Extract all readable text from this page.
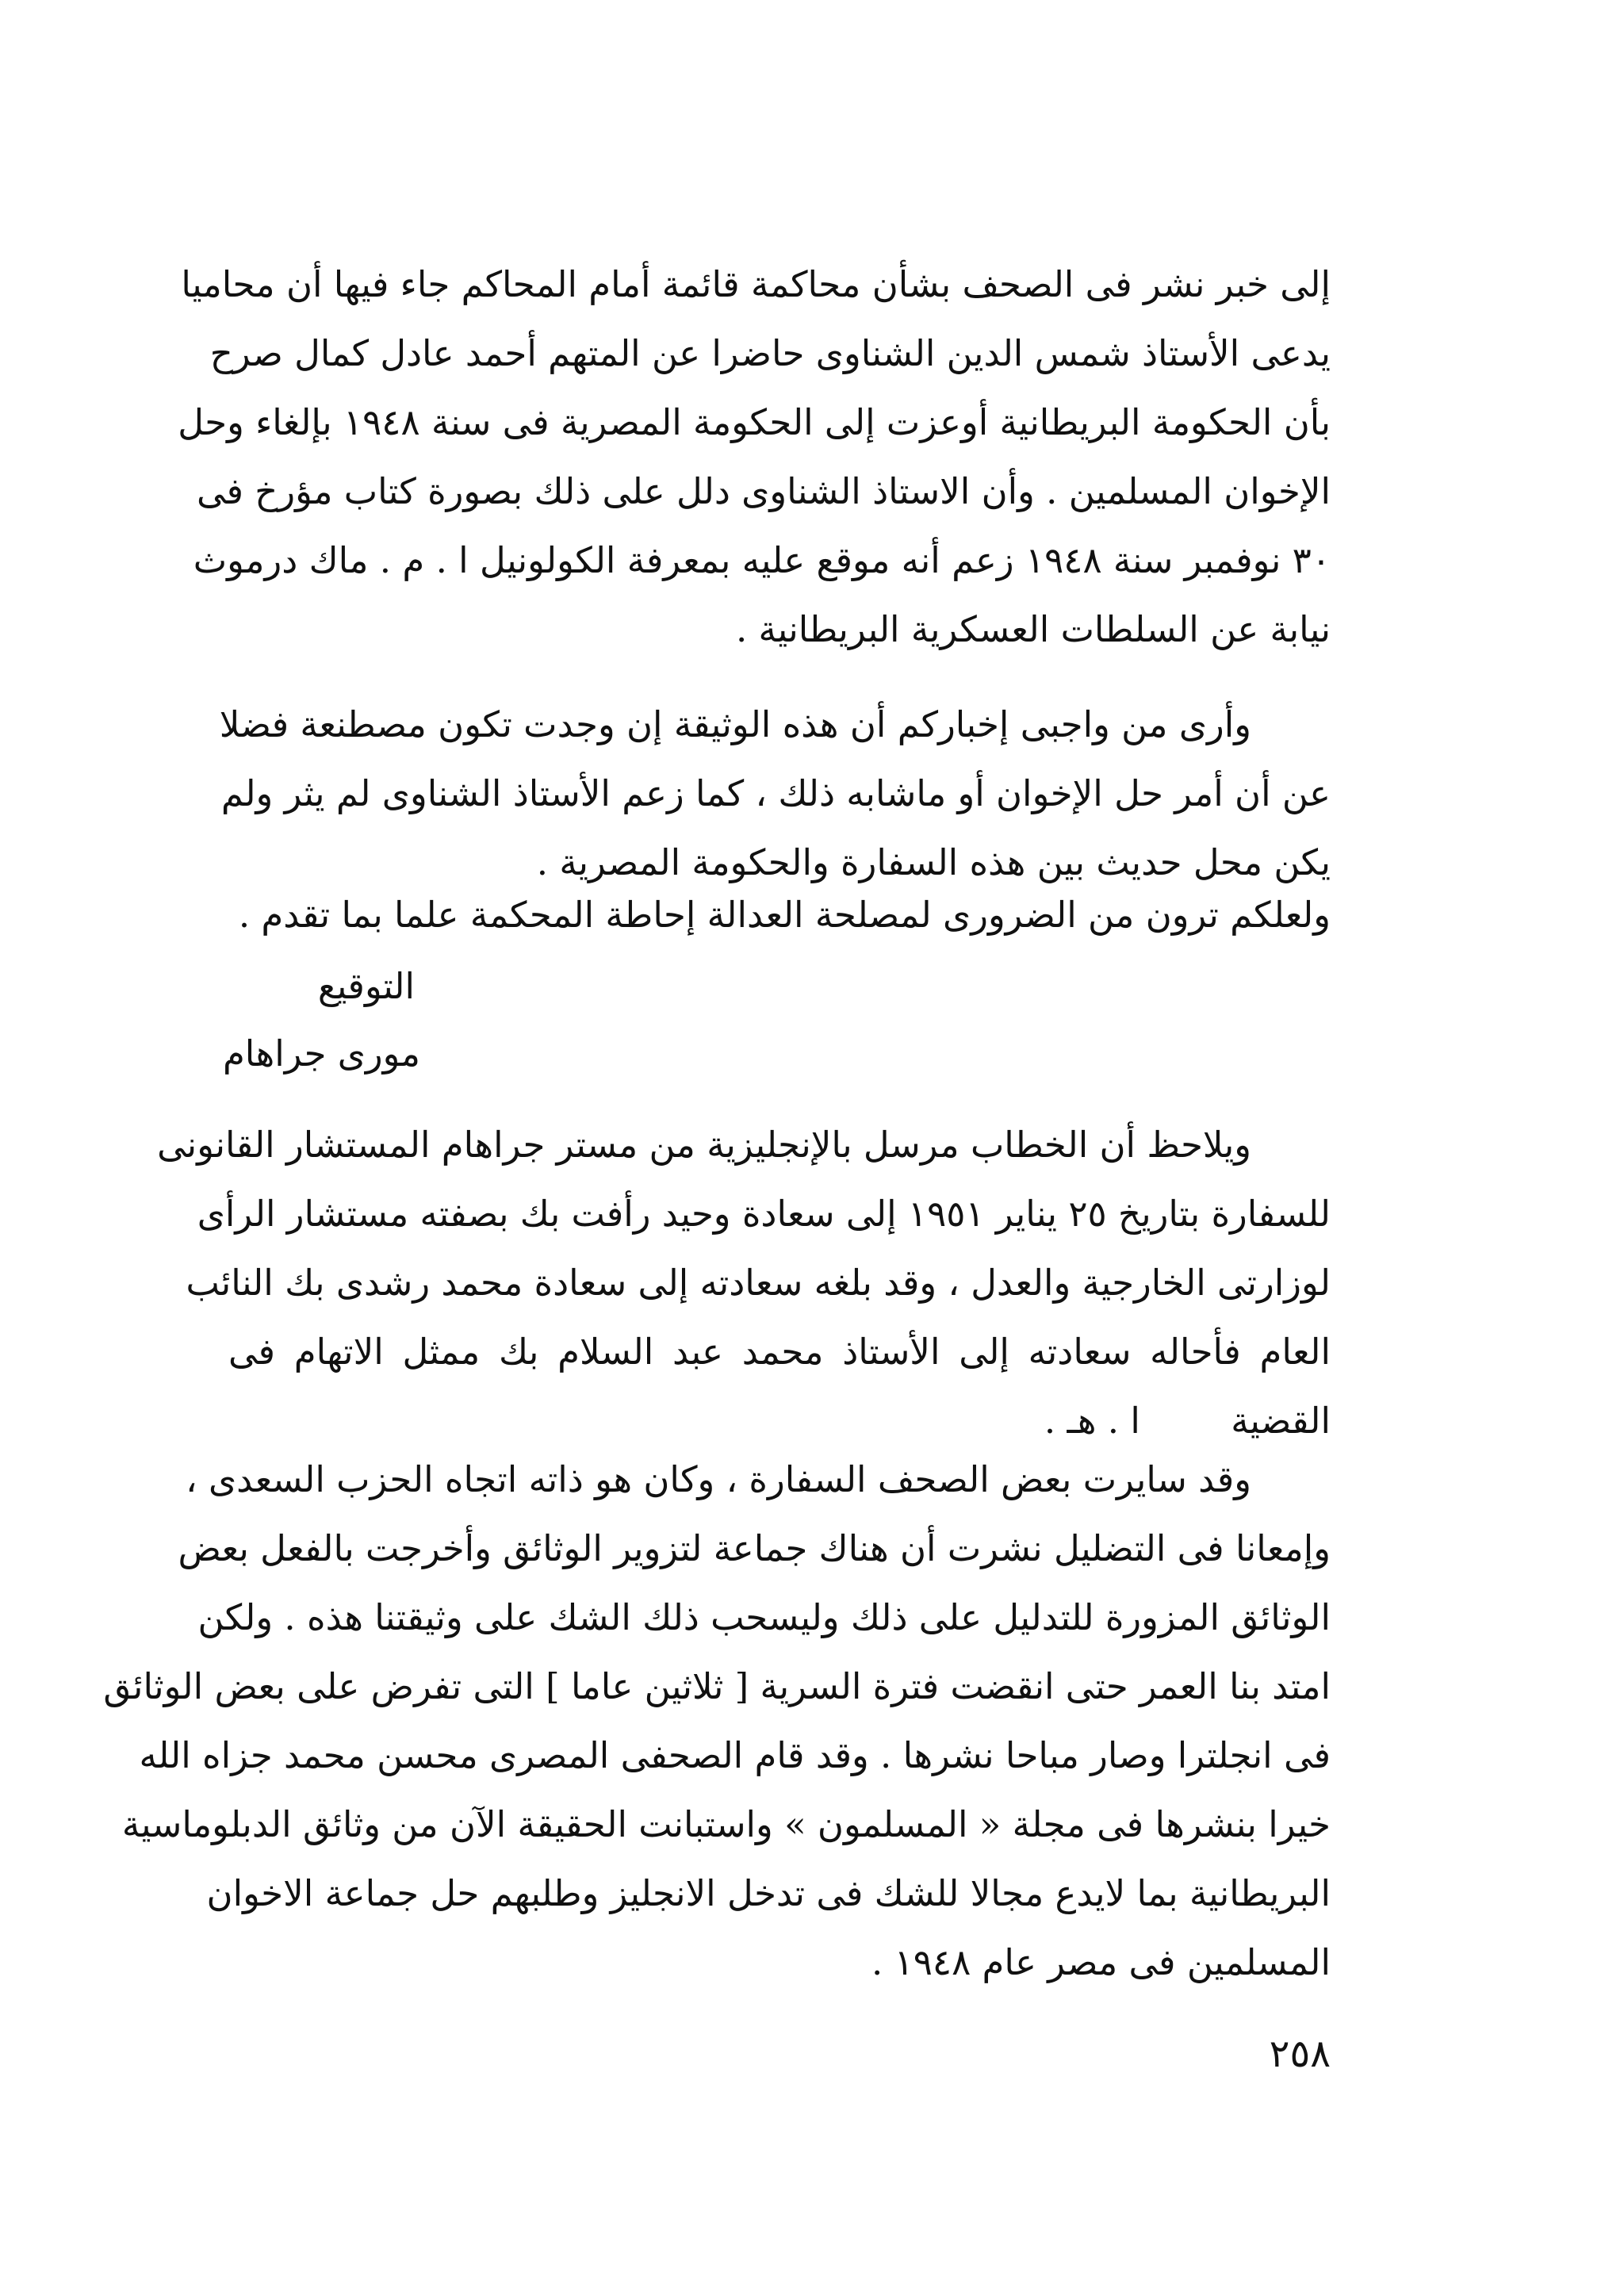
إلى خبر نشر فى الصحف بشأن محاكمة قائمة أمام المحاكم جاء فيها أن محاميا
يدعى الأستاذ شمس الدين الشناوى حاضرا عن المتهم أحمد عادل كمال صرح
بأن الحكومة البريطانية أوعزت إلى الحكومة المصرية فى سنة ١٩٤٨ بإلغاء وحل
الإخوان المسلمين . وأن الاستاذ الشناوى دلل على ذلك بصورة كتاب مؤرخ فى
٣٠ نوفمبر سنة ١٩٤٨ زعم أنه موقع عليه بمعرفة الكولونيل ا . م . ماك درموث
نيابة عن السلطات العسكرية البريطانية .

وأرى من واجبى إخباركم أن هذه الوثيقة إن وجدت تكون مصطنعة فضلا
عن أن أمر حل الإخوان أو ماشابه ذلك ، كما زعم الأستاذ الشناوى لم يثر ولم
يكن محل حديث بين هذه السفارة والحكومة المصرية .

ولعلكم ترون من الضرورى لمصلحة العدالة إحاطة المحكمة علما بما تقدم .

التوقيع

مورى جراهام

ويلاحظ أن الخطاب مرسل بالإنجليزية من مستر جراهام المستشار القانونى
للسفارة بتاريخ ٢٥ يناير ١٩٥١ إلى سعادة وحيد رأفت بك بصفته مستشار الرأى
لوزارتى الخارجية والعدل ، وقد بلغه سعادته إلى سعادة محمد رشدى بك النائب
العام فأحاله سعادته إلى الأستاذ محمد عبد السلام بك ممثل الاتهام فى
القضية        ا . هـ .

وقد سايرت بعض الصحف السفارة ، وكان هو ذاته اتجاه الحزب السعدى ،
وإمعانا فى التضليل نشرت أن هناك جماعة لتزوير الوثائق وأخرجت بالفعل بعض
الوثائق المزورة للتدليل على ذلك وليسحب ذلك الشك على وثيقتنا هذه . ولكن
امتد بنا العمر حتى انقضت فترة السرية [ ثلاثين عاما ] التى تفرض على بعض الوثائق
فى انجلترا وصار مباحا نشرها . وقد قام الصحفى المصرى محسن محمد جزاه الله
خيرا بنشرها فى مجلة « المسلمون » واستبانت الحقيقة الآن من وثائق الدبلوماسية
البريطانية بما لايدع مجالا للشك فى تدخل الانجليز وطلبهم حل جماعة الاخوان
المسلمين فى مصر عام ١٩٤٨ .

٢٥٨
